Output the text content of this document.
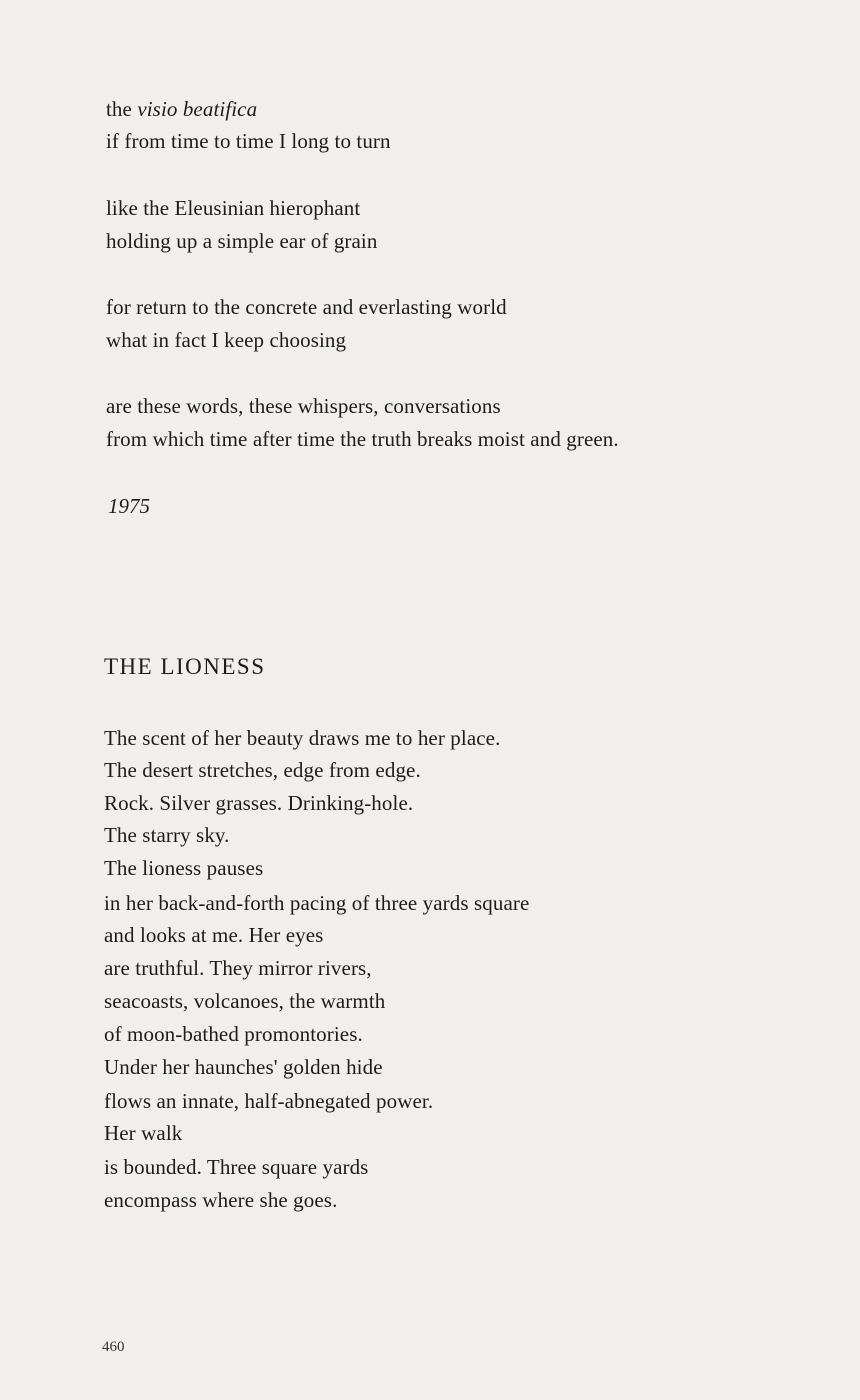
the visio beatifica
if from time to time I long to turn
like the Eleusinian hierophant
holding up a simple ear of grain
for return to the concrete and everlasting world
what in fact I keep choosing
are these words, these whispers, conversations
from which time after time the truth breaks moist and green.
1975
THE LIONESS
The scent of her beauty draws me to her place.
The desert stretches, edge from edge.
Rock. Silver grasses. Drinking-hole.
The starry sky.
The lioness pauses
in her back-and-forth pacing of three yards square
and looks at me. Her eyes
are truthful. They mirror rivers,
seacoasts, volcanoes, the warmth
of moon-bathed promontories.
Under her haunches' golden hide
flows an innate, half-abnegated power.
Her walk
is bounded. Three square yards
encompass where she goes.
460
